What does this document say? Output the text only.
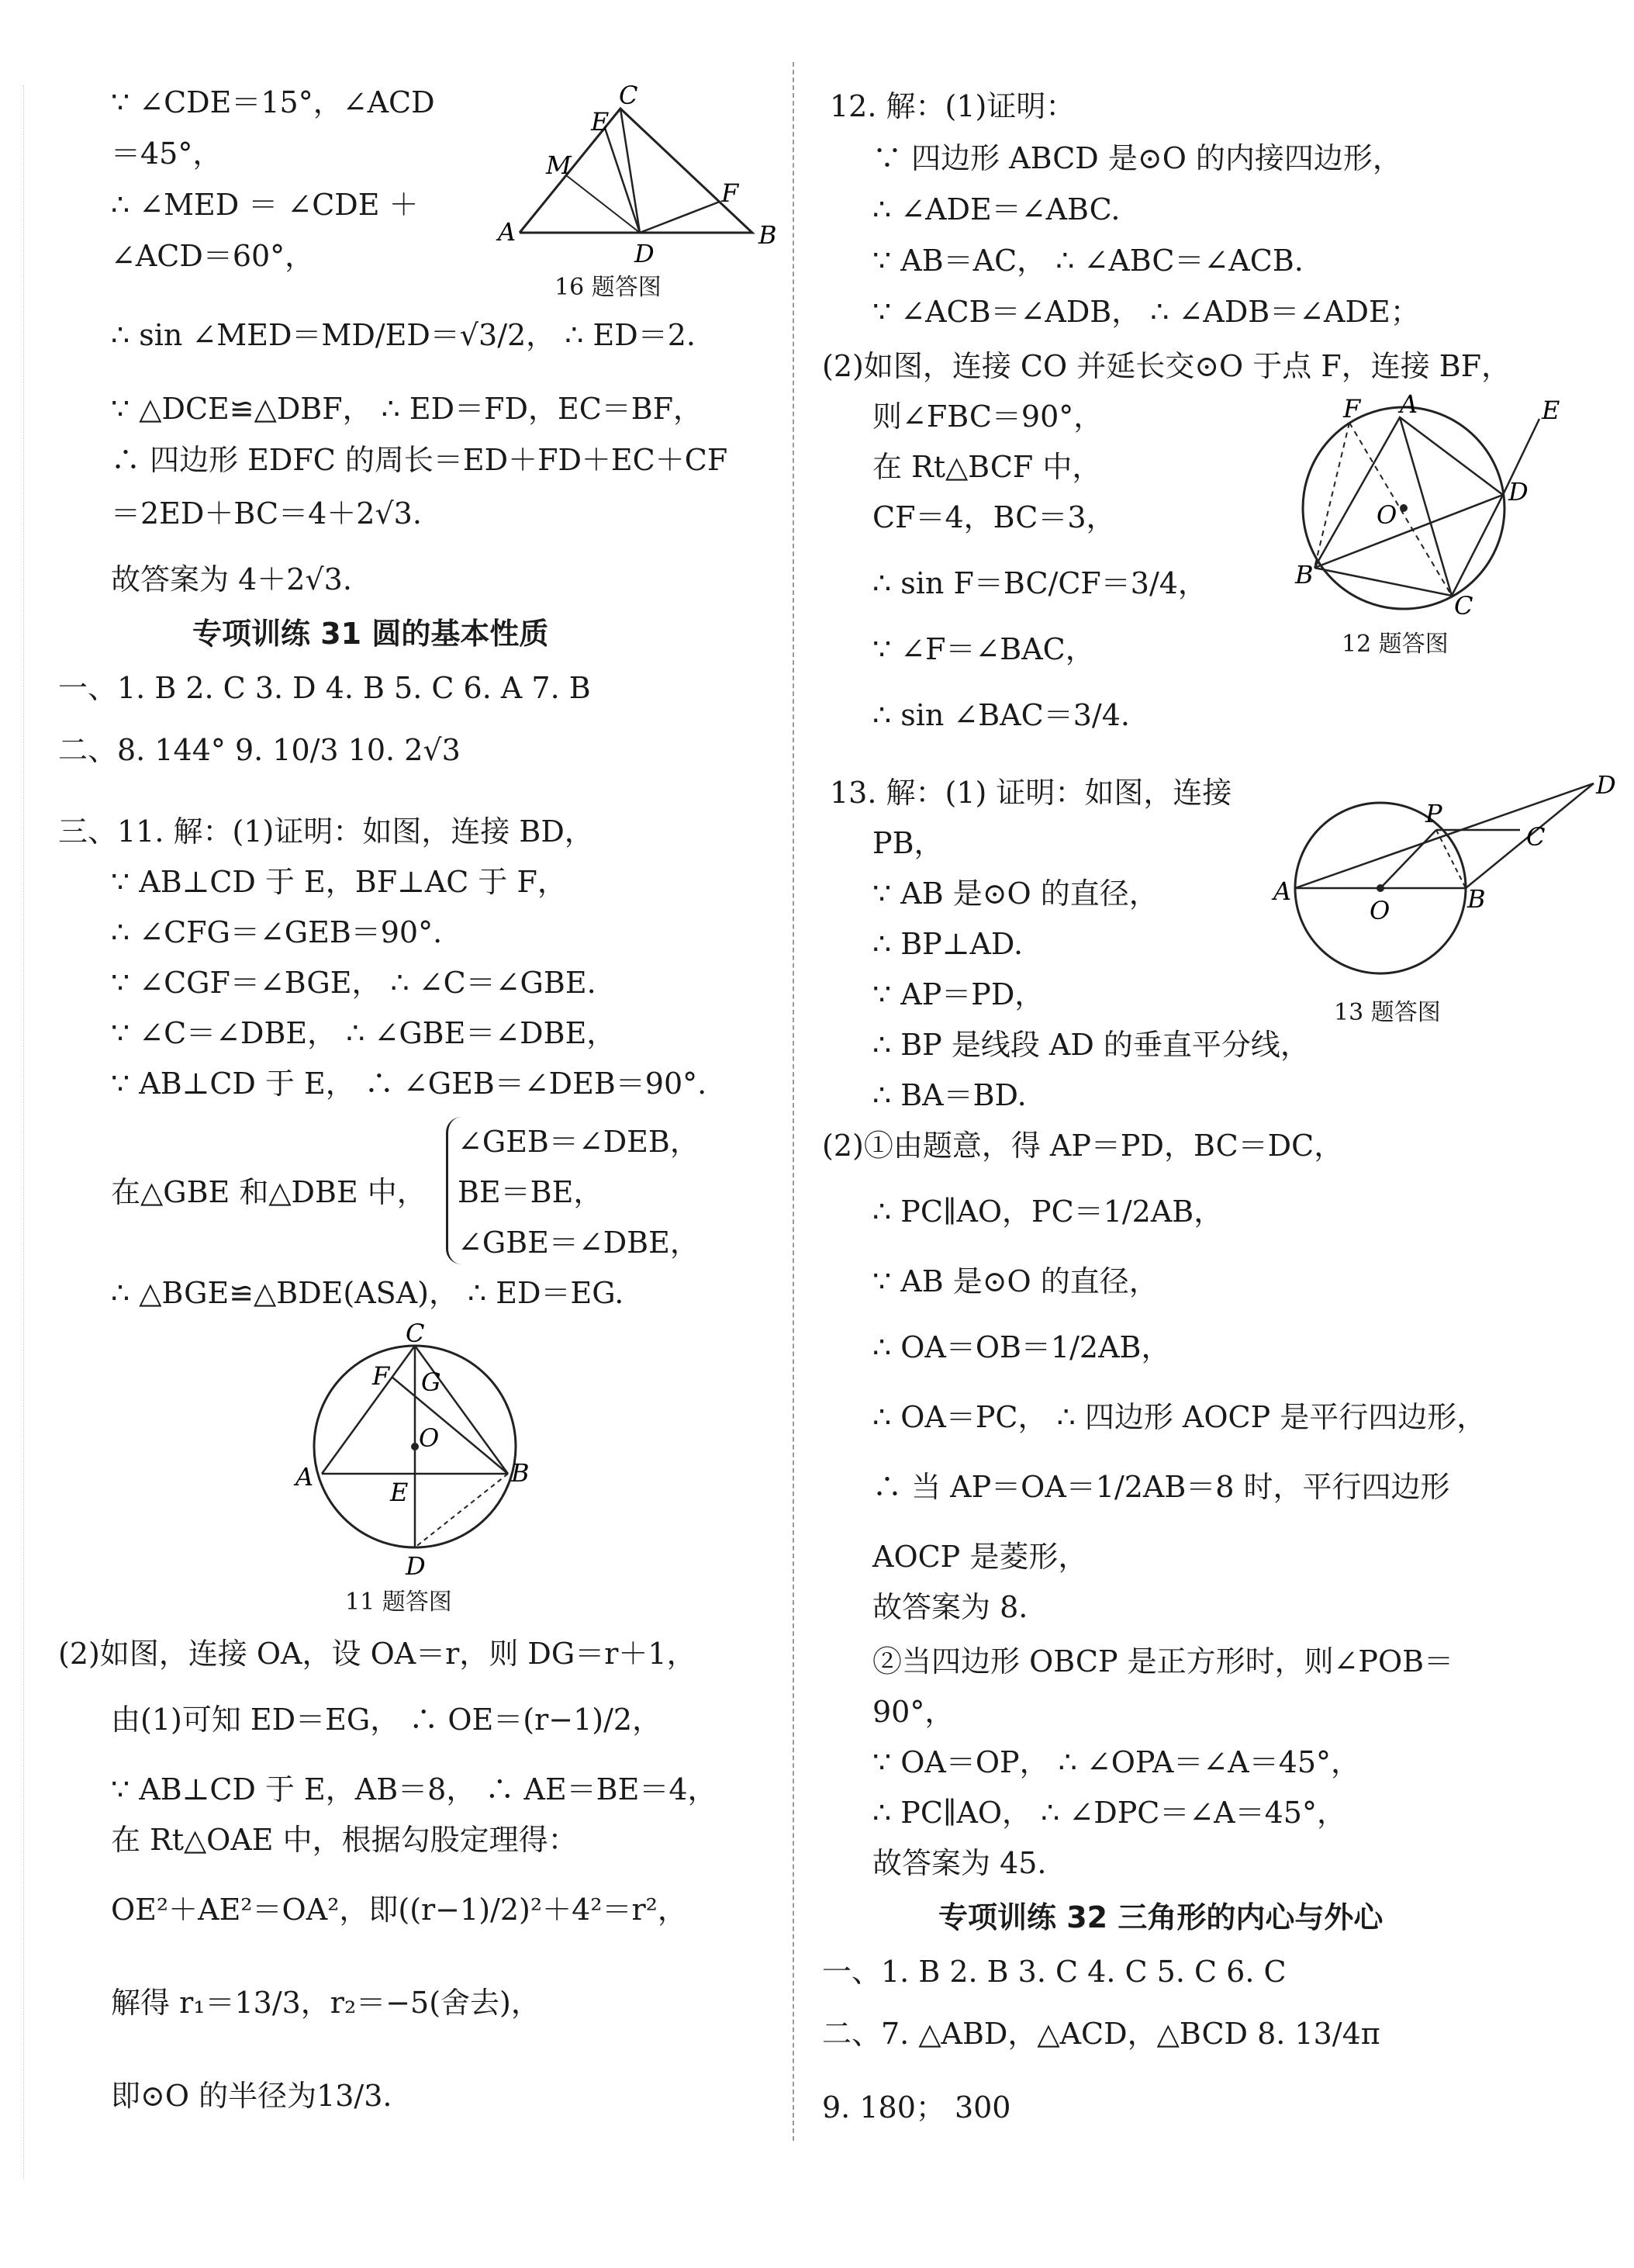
∵ ∠CDE＝15°，∠ACD
＝45°，
∴ ∠MED ＝ ∠CDE ＋
∠ACD＝60°，
∴ sin ∠MED＝MD/ED＝√3/2， ∴ ED＝2.
∵ △DCE≌△DBF， ∴ ED＝FD，EC＝BF，
∴ 四边形 EDFC 的周长＝ED＋FD＋EC＋CF
＝2ED＋BC＝4＋2√3.
故答案为 4＋2√3.
C
E
M
F
A
D
B
16 题答图
专项训练 31 圆的基本性质
一、1. B 2. C 3. D 4. B 5. C 6. A 7. B
二、8. 144° 9. 10/3 10. 2√3
三、11. 解：(1)证明：如图，连接 BD，
∵ AB⊥CD 于 E，BF⊥AC 于 F，
∴ ∠CFG＝∠GEB＝90°.
∵ ∠CGF＝∠BGE， ∴ ∠C＝∠GBE.
∵ ∠C＝∠DBE， ∴ ∠GBE＝∠DBE，
∵ AB⊥CD 于 E， ∴ ∠GEB＝∠DEB＝90°.
在△GBE 和△DBE 中，
∠GEB＝∠DEB，
BE＝BE，
∠GBE＝∠DBE，
∴ △BGE≌△BDE(ASA)， ∴ ED＝EG.
C
F G
O
A
E
B
D
11 题答图
(2)如图，连接 OA，设 OA＝r，则 DG＝r＋1，
由(1)可知 ED＝EG， ∴ OE＝(r−1)/2，
∵ AB⊥CD 于 E，AB＝8， ∴ AE＝BE＝4，
在 Rt△OAE 中，根据勾股定理得：
OE²＋AE²＝OA²，即((r−1)/2)²＋4²＝r²，
解得 r₁＝13/3，r₂＝−5(舍去)，
即⊙O 的半径为13/3.
12. 解：(1)证明：
∵ 四边形 ABCD 是⊙O 的内接四边形，
∴ ∠ADE＝∠ABC.
∵ AB＝AC， ∴ ∠ABC＝∠ACB.
∵ ∠ACB＝∠ADB， ∴ ∠ADB＝∠ADE；
(2)如图，连接 CO 并延长交⊙O 于点 F，连接 BF，
则∠FBC＝90°，
在 Rt△BCF 中，
CF＝4，BC＝3，
∴ sin F＝BC/CF＝3/4，
∵ ∠F＝∠BAC，
∴ sin ∠BAC＝3/4.
F A	E
D
O
B
C
12 题答图
13. 解：(1) 证明：如图，连接
PB，
∵ AB 是⊙O 的直径，
∴ BP⊥AD.
∵ AP＝PD，
∴ BP 是线段 AD 的垂直平分线，
∴ BA＝BD.
(2)①由题意，得 AP＝PD，BC＝DC，
∴ PC∥AO，PC＝1/2AB，
∵ AB 是⊙O 的直径，
∴ OA＝OB＝1/2AB，
∴ OA＝PC， ∴ 四边形 AOCP 是平行四边形，
∴ 当 AP＝OA＝1/2AB＝8 时，平行四边形
AOCP 是菱形，
故答案为 8.
②当四边形 OBCP 是正方形时，则∠POB＝
90°，
∵ OA＝OP， ∴ ∠OPA＝∠A＝45°，
∴ PC∥AO， ∴ ∠DPC＝∠A＝45°，
故答案为 45.
D
P
C
A
O	B
13 题答图
专项训练 32 三角形的内心与外心
一、1. B 2. B 3. C 4. C 5. C 6. C
二、7. △ABD，△ACD，△BCD 8. 13/4π
9. 180； 300
